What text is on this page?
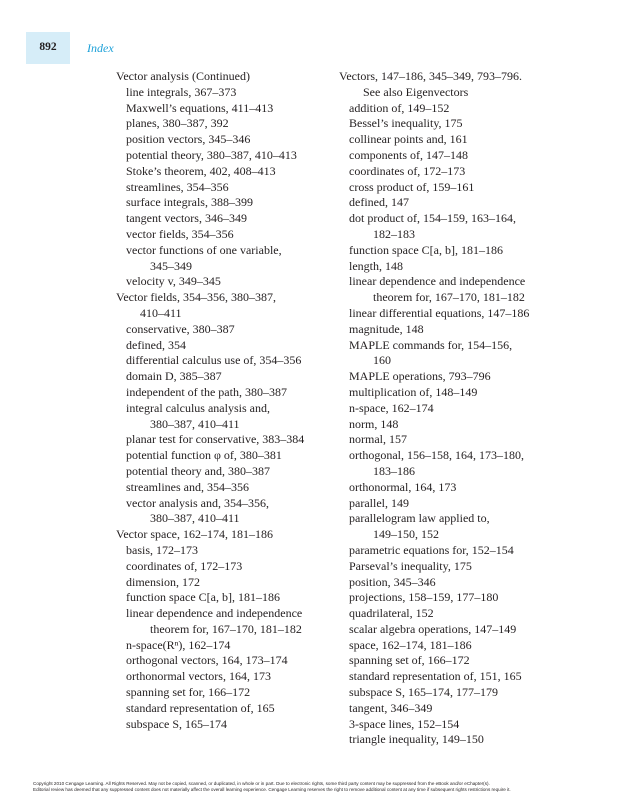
892	Index
Vector analysis (Continued)
line integrals, 367–373
Maxwell’s equations, 411–413
planes, 380–387, 392
position vectors, 345–346
potential theory, 380–387, 410–413
Stoke’s theorem, 402, 408–413
streamlines, 354–356
surface integrals, 388–399
tangent vectors, 346–349
vector fields, 354–356
vector functions of one variable,
345–349
velocity v, 349–345
Vector fields, 354–356, 380–387,
410–411
conservative, 380–387
defined, 354
differential calculus use of, 354–356
domain D, 385–387
independent of the path, 380–387
integral calculus analysis and,
380–387, 410–411
planar test for conservative, 383–384
potential function φ of, 380–381
potential theory and, 380–387
streamlines and, 354–356
vector analysis and, 354–356,
380–387, 410–411
Vector space, 162–174, 181–186
basis, 172–173
coordinates of, 172–173
dimension, 172
function space C[a, b], 181–186
linear dependence and independence
theorem for, 167–170, 181–182
n-space(Rⁿ), 162–174
orthogonal vectors, 164, 173–174
orthonormal vectors, 164, 173
spanning set for, 166–172
standard representation of, 165
subspace S, 165–174
Vectors, 147–186, 345–349, 793–796.
See also Eigenvectors
addition of, 149–152
Bessel’s inequality, 175
collinear points and, 161
components of, 147–148
coordinates of, 172–173
cross product of, 159–161
defined, 147
dot product of, 154–159, 163–164,
182–183
function space C[a, b], 181–186
length, 148
linear dependence and independence
theorem for, 167–170, 181–182
linear differential equations, 147–186
magnitude, 148
MAPLE commands for, 154–156,
160
MAPLE operations, 793–796
multiplication of, 148–149
n-space, 162–174
norm, 148
normal, 157
orthogonal, 156–158, 164, 173–180,
183–186
orthonormal, 164, 173
parallel, 149
parallelogram law applied to,
149–150, 152
parametric equations for, 152–154
Parseval’s inequality, 175
position, 345–346
projections, 158–159, 177–180
quadrilateral, 152
scalar algebra operations, 147–149
space, 162–174, 181–186
spanning set of, 166–172
standard representation of, 151, 165
subspace S, 165–174, 177–179
tangent, 346–349
3-space lines, 152–154
triangle inequality, 149–150
Copyright 2010 Cengage Learning. All Rights Reserved. May not be copied, scanned, or duplicated, in whole or in part. Due to electronic rights, some third party content may be suppressed from the eBook and/or eChapter(s).
Editorial review has deemed that any suppressed content does not materially affect the overall learning experience. Cengage Learning reserves the right to remove additional content at any time if subsequent rights restrictions require it.
